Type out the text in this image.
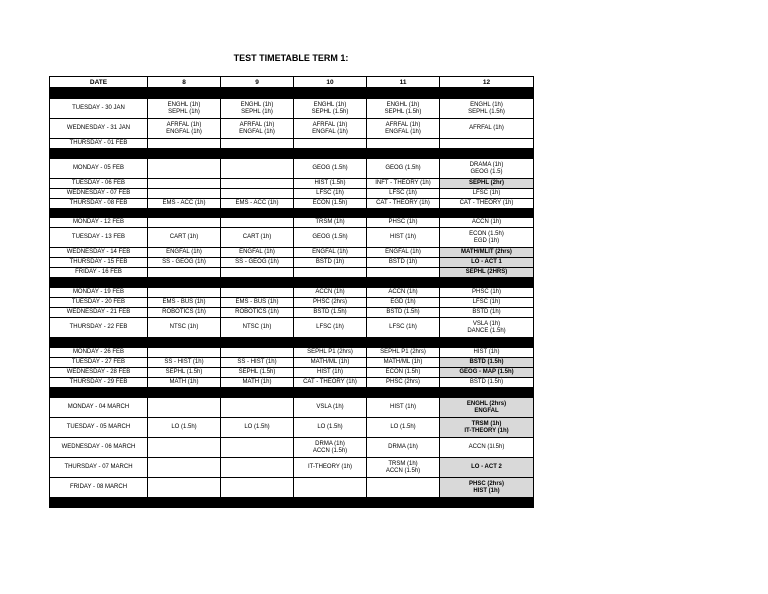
TEST TIMETABLE TERM 1:
DATE	8	9	10	11	12

TUESDAY - 30 JAN	ENGHL (1h)
SEPHL (1h)	ENGHL (1h)
SEPHL (1h)	ENGHL (1h)
SEPHL (1.5h)	ENGHL (1h)
SEPHL (1.5h)	ENGHL (1h)
SEPHL (1.5h)

WEDNESDAY - 31 JAN	AFRFAL (1h)
ENGFAL (1h)	AFRFAL (1h)
ENGFAL (1h)	AFRFAL (1h)
ENGFAL (1h)	AFRFAL (1h)
ENGFAL (1h)	AFRFAL (1h)

THURSDAY - 01 FEB					

MONDAY - 05 FEB			GEOG (1.5h)	GEOG (1.5h)	DRAMA (1h)
GEOG (1.5)

TUESDAY - 06 FEB			HIST (1.5h)	INFT - THEORY (1h)	SEPHL (2hr)

WEDNESDAY - 07 FEB			LFSC (1h)	LFSC (1h)	LFSC (1h)

THURSDAY - 08 FEB	EMS - ACC (1h)	EMS - ACC (1h)	ECON (1.5h)	CAT - THEORY (1h)	CAT - THEORY (1h)

MONDAY - 12 FEB			TRSM (1h)	PHSC (1h)	ACCN (1h)

TUESDAY - 13 FEB	CART (1h)	CART (1h)	GEOG (1.5h)	HIST (1h)	ECON (1.5h)
EGD (1h)

WEDNESDAY - 14 FEB	ENGFAL (1h)	ENGFAL (1h)	ENGFAL (1h)	ENGFAL (1h)	MATH/MLIT (2hrs)

THURSDAY - 15 FEB	SS - GEOG (1h)	SS - GEOG (1h)	BSTD (1h)	BSTD (1h)	LO - ACT 1

FRIDAY - 16 FEB					SEPHL (2HRS)

MONDAY - 19 FEB			ACCN (1h)	ACCN (1h)	PHSC (1h)

TUESDAY - 20 FEB	EMS - BUS (1h)	EMS - BUS (1h)	PHSC (2hrs)	EGD (1h)	LFSC (1h)

WEDNESDAY - 21 FEB	ROBOTICS (1h)	ROBOTICS (1h)	BSTD (1.5h)	BSTD (1.5h)	BSTD (1h)

THURSDAY - 22 FEB	NTSC (1h)	NTSC (1h)	LFSC (1h)	LFSC (1h)	VSLA (1h)
DANCE (1.5h)

MONDAY - 26 FEB			SEPHL P1 (2hrs)	SEPHL P1 (2hrs)	HIST (1h)

TUESDAY - 27 FEB	SS - HIST (1h)	SS - HIST (1h)	MATH/ML (1h)	MATH/ML (1h)	BSTD (1.5h)

WEDNESDAY - 28 FEB	SEPHL (1.5h)	SEPHL (1.5h)	HIST (1h)	ECON (1.5h)	GEOG - MAP (1.5h)

THURSDAY - 29 FEB	MATH (1h)	MATH (1h)	CAT - THEORY (1h)	PHSC (2hrs)	BSTD (1.5h)

MONDAY - 04 MARCH			VSLA (1h)	HIST (1h)	ENGHL (2hrs)
ENGFAL

TUESDAY - 05 MARCH	LO (1.5h)	LO (1.5h)	LO (1.5h)	LO (1.5h)	TRSM (1h)
IT-THEORY (1h)

WEDNESDAY - 06 MARCH			DRMA (1h)
ACCN (1.5h)	DRMA (1h)	ACCN (1l.5h)

THURSDAY - 07 MARCH			IT-THEORY (1h)	TRSM (1h)
ACCN (1.5h)	LO - ACT 2

FRIDAY - 08 MARCH					PHSC (2hrs)
HIST (1h)
